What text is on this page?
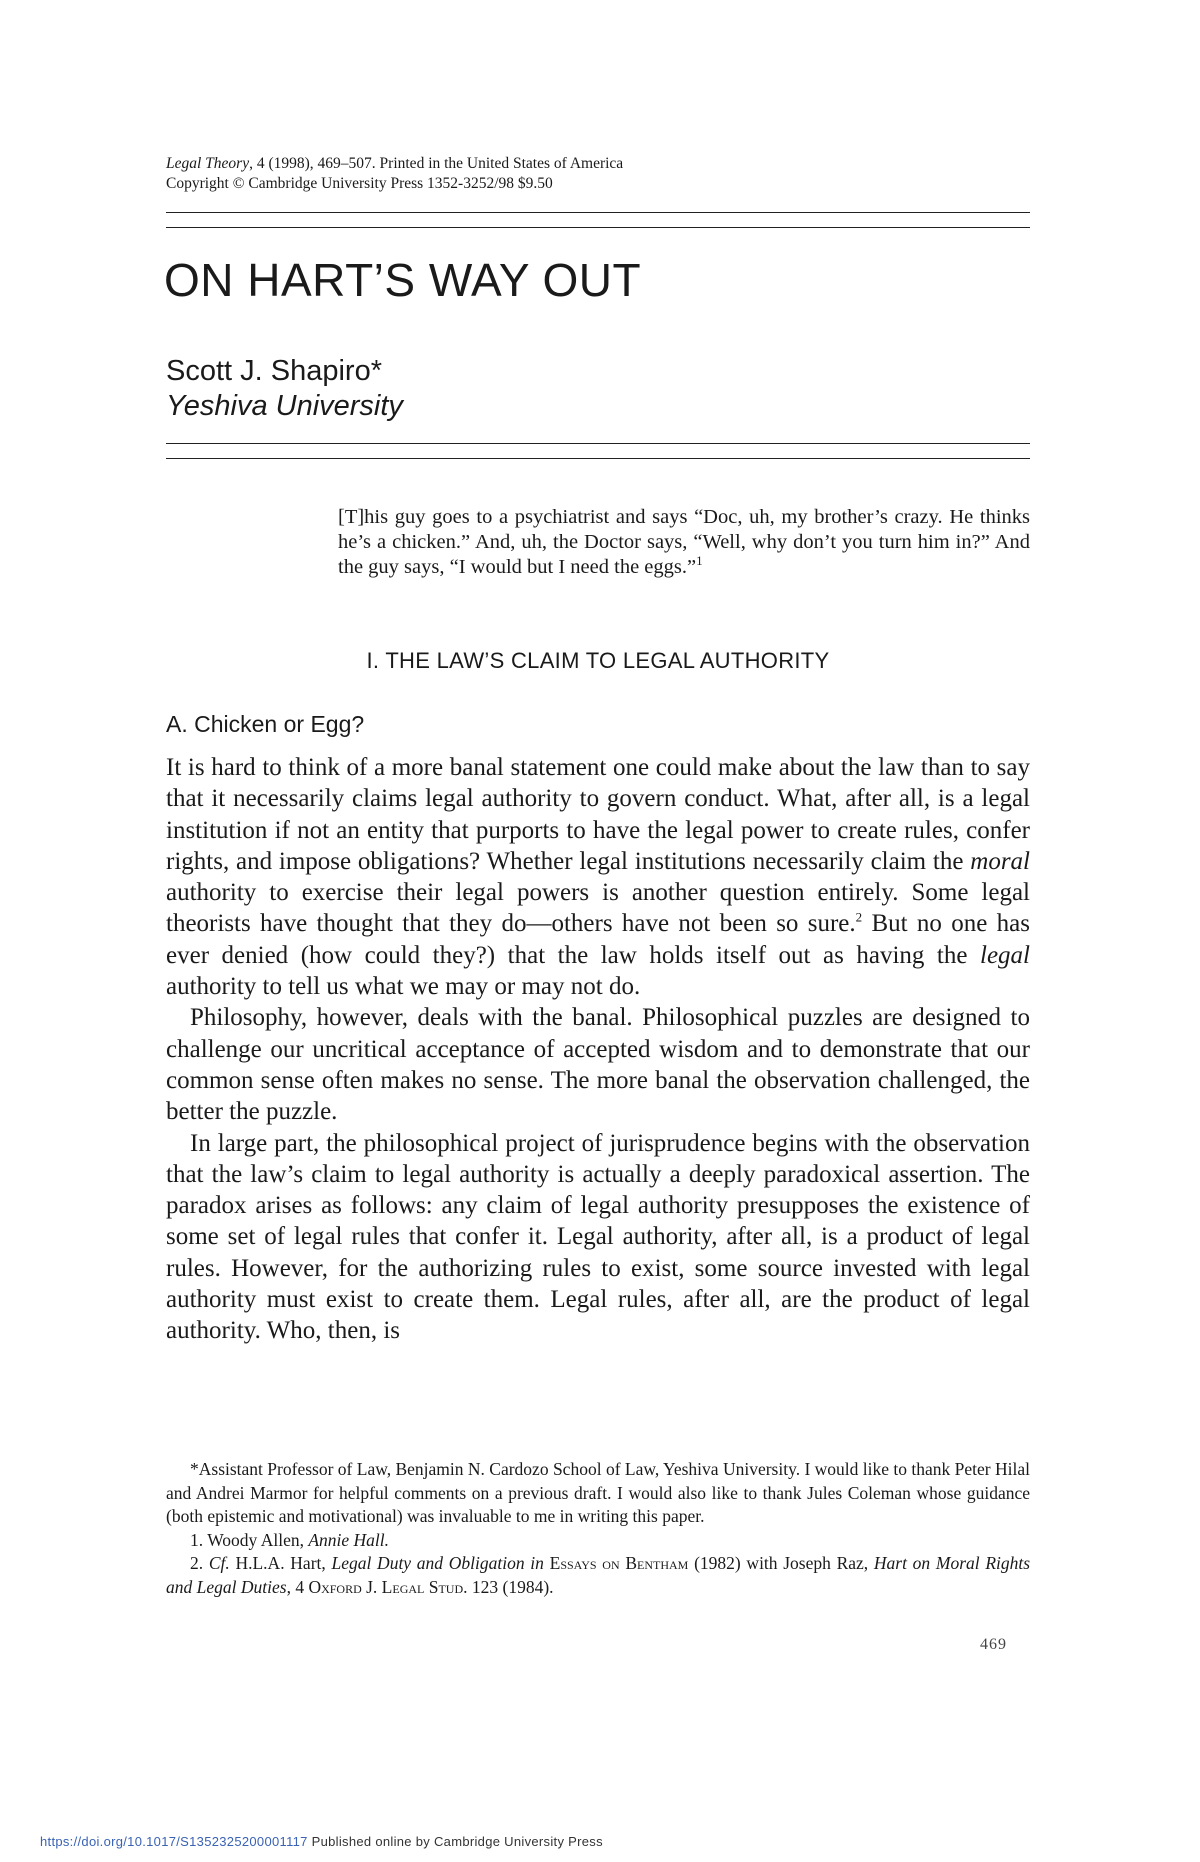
Legal Theory, 4 (1998), 469–507. Printed in the United States of America
Copyright © Cambridge University Press 1352-3252/98 $9.50
ON HART’S WAY OUT
Scott J. Shapiro*
Yeshiva University
[T]his guy goes to a psychiatrist and says “Doc, uh, my brother’s crazy. He thinks he’s a chicken.” And, uh, the Doctor says, “Well, why don’t you turn him in?” And the guy says, “I would but I need the eggs.”$^1$
I. THE LAW’S CLAIM TO LEGAL AUTHORITY
A. Chicken or Egg?

It is hard to think of a more banal statement one could make about the law than to say that it necessarily claims legal authority to govern conduct. What, after all, is a legal institution if not an entity that purports to have the legal power to create rules, confer rights, and impose obligations? Whether legal institutions necessarily claim the moral authority to exercise their legal powers is another question entirely. Some legal theorists have thought that they do—others have not been so sure.$^2$ But no one has ever denied (how could they?) that the law holds itself out as having the legal authority to tell us what we may or may not do.

Philosophy, however, deals with the banal. Philosophical puzzles are designed to challenge our uncritical acceptance of accepted wisdom and to demonstrate that our common sense often makes no sense. The more banal the observation challenged, the better the puzzle.

In large part, the philosophical project of jurisprudence begins with the observation that the law’s claim to legal authority is actually a deeply paradoxical assertion. The paradox arises as follows: any claim of legal authority presupposes the existence of some set of legal rules that confer it. Legal authority, after all, is a product of legal rules. However, for the authorizing rules to exist, some source invested with legal authority must exist to create them. Legal rules, after all, are the product of legal authority. Who, then, is

*Assistant Professor of Law, Benjamin N. Cardozo School of Law, Yeshiva University. I would like to thank Peter Hilal and Andrei Marmor for helpful comments on a previous draft. I would also like to thank Jules Coleman whose guidance (both epistemic and motivational) was invaluable to me in writing this paper.

1. Woody Allen, Annie Hall.

2. Cf. H.L.A. Hart, Legal Duty and Obligation in Essays on Bentham (1982) with Joseph Raz, Hart on Moral Rights and Legal Duties, 4 Oxford J. Legal Stud. 123 (1984).

469
https://doi.org/10.1017/S1352325200001117 Published online by Cambridge University Press
